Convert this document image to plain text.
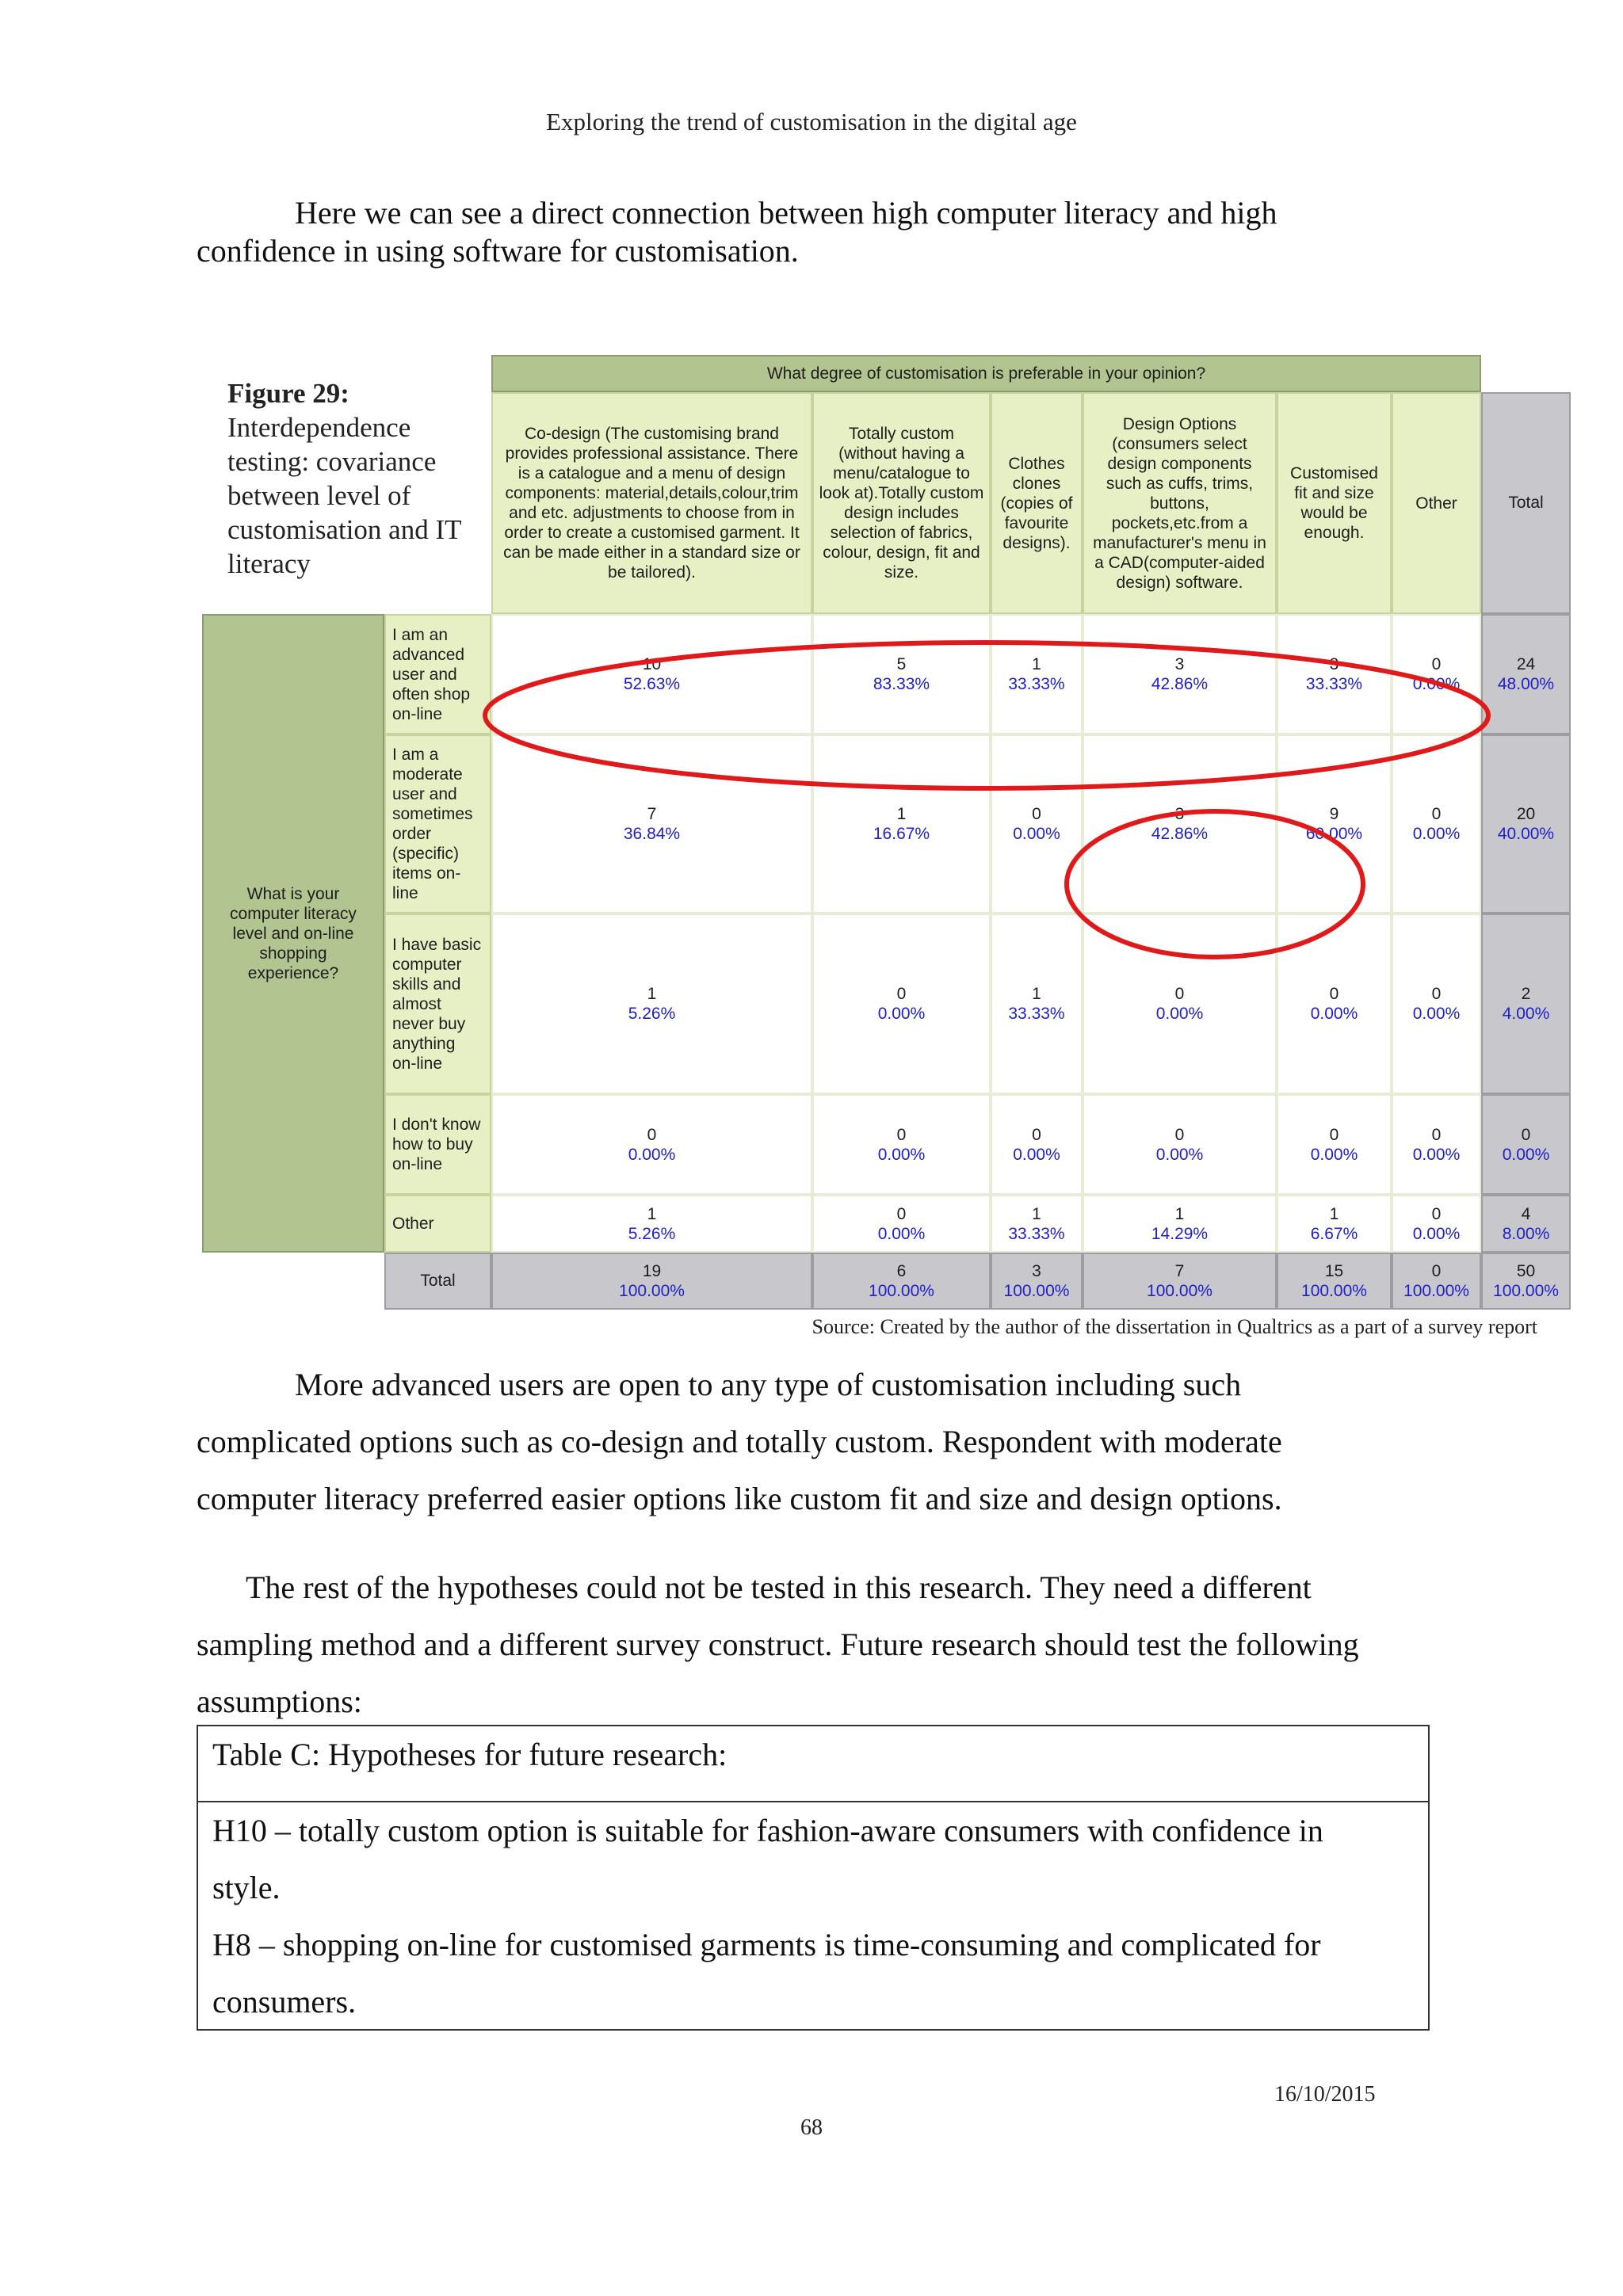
Exploring the trend of customisation in the digital age
Here we can see a direct connection between high computer literacy and high
confidence in using software for customisation.
Figure 29:
Interdependence
testing: covariance
between level of
customisation and IT
literacy
What degree of customisation is preferable in your opinion?
Co-design (The customising brand provides professional assistance. There is a catalogue and a menu of design components: material,details,colour,trim and etc. adjustments to choose from in order to create a customised garment. It can be made either in a standard size or be tailored).
Totally custom (without having a menu/catalogue to look at).Totally custom design includes selection of fabrics, colour, design, fit and size.
Clothes clones (copies of favourite designs).
Design Options (consumers select design components such as cuffs, trims, buttons, pockets,etc.from a manufacturer's menu in a CAD(computer-aided design) software.
Customised fit and size would be enough.
Other	Total
What is your computer literacy level and on-line shopping experience?
I am an advanced user and often shop on-line
I am a moderate user and sometimes order (specific) items on-line
I have basic computer skills and almost never buy anything on-line
I don't know how to buy on-line
Other
Total
10
52.63%
5
83.33%
1
33.33%
3
42.86%
3
33.33%
0
0.00%
24
48.00%
7
36.84%
1
16.67%
0
0.00%
3
42.86%
9
60.00%
0
0.00%
20
40.00%
1
5.26%
0
0.00%
1
33.33%
0
0.00%
0
0.00%
0
0.00%
2
4.00%
0
0.00%
0
0.00%
0
0.00%
0
0.00%
0
0.00%
0
0.00%
0
0.00%
1
5.26%
0
0.00%
1
33.33%
1
14.29%
1
6.67%
0
0.00%
4
8.00%
19
100.00%
6
100.00%
3
100.00%
7
100.00%
15
100.00%
0
100.00%
50
100.00%
Source: Created by the author of the dissertation in Qualtrics as a part of a survey report
More advanced users are open to any type of customisation including such
complicated options such as co-design and totally custom. Respondent with moderate
computer literacy preferred easier options like custom fit and size and design options.
The rest of the hypotheses could not be tested in this research. They need a different
sampling method and a different survey construct. Future research should test the following
assumptions:
Table C: Hypotheses for future research:
H10 – totally custom option is suitable for fashion-aware consumers with confidence in
style.
H8 – shopping on-line for customised garments is time-consuming and complicated for
consumers.
16/10/2015
68
